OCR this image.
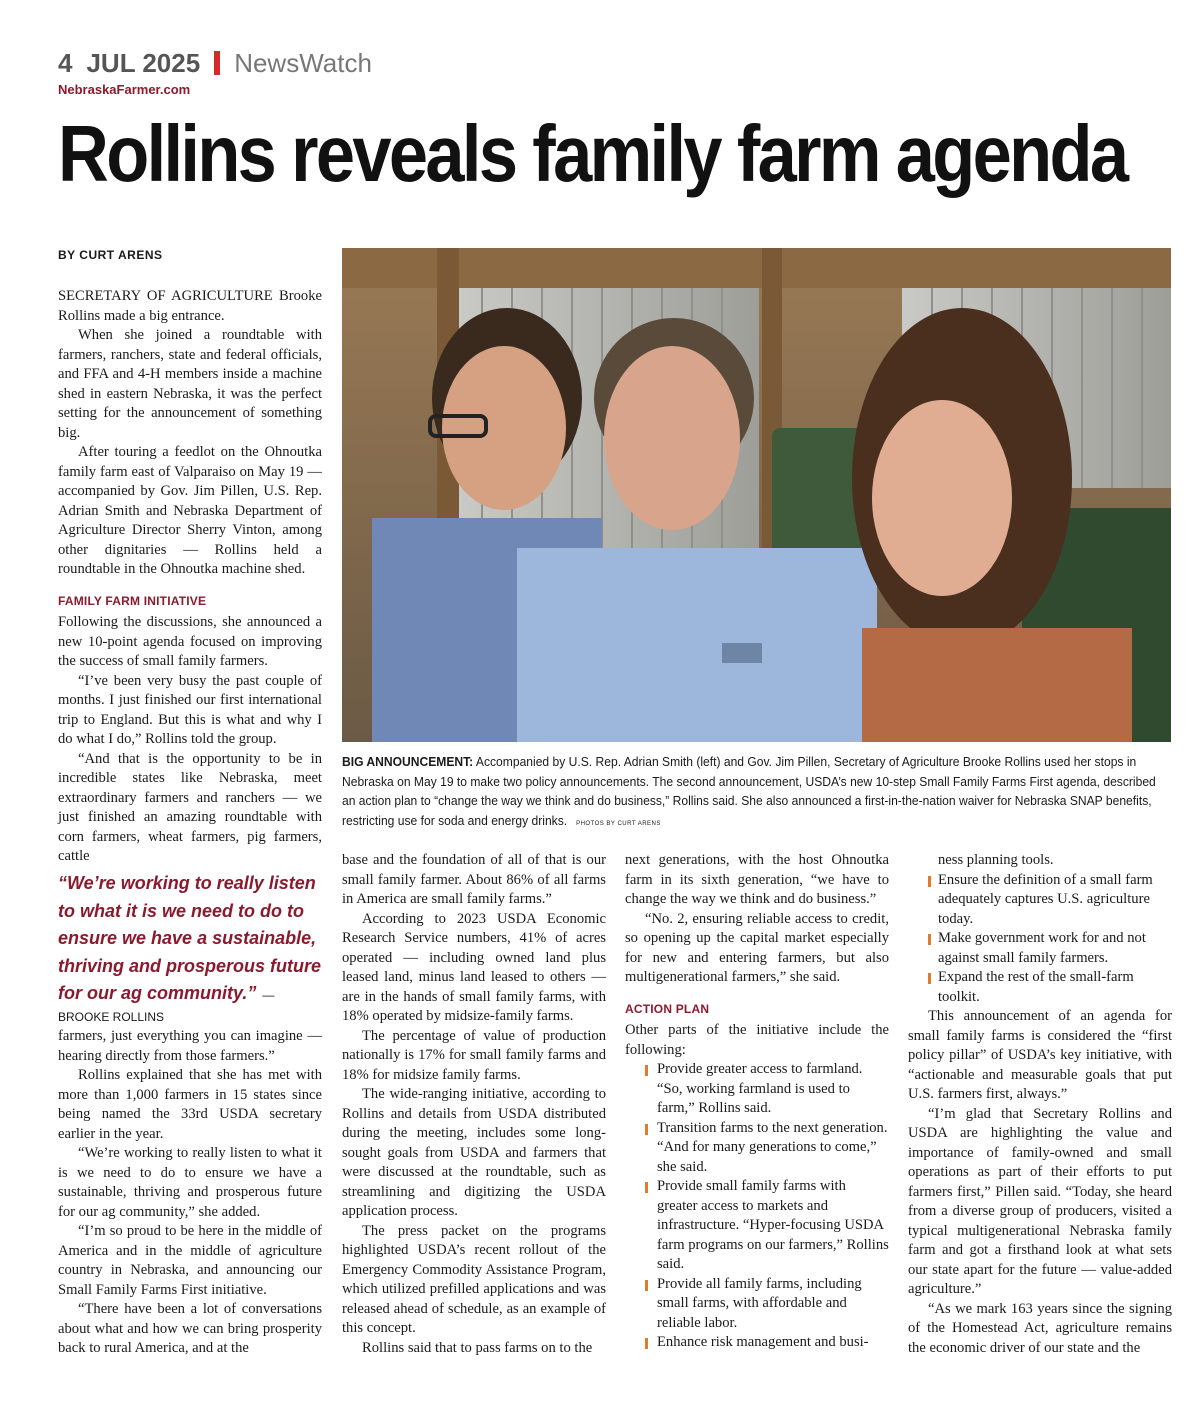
4 JUL 2025 NewsWatch
NebraskaFarmer.com
Rollins reveals family farm agenda
BY CURT ARENS

SECRETARY OF AGRICULTURE Brooke Rollins made a big entrance.

When she joined a roundtable with farmers, ranchers, state and federal officials, and FFA and 4-H members inside a machine shed in eastern Nebraska, it was the perfect setting for the announcement of something big.

After touring a feedlot on the Ohnoutka family farm east of Valparaiso on May 19 — accompanied by Gov. Jim Pillen, U.S. Rep. Adrian Smith and Nebraska Department of Agriculture Director Sherry Vinton, among other dignitaries — Rollins held a roundtable in the Ohnoutka machine shed.

FAMILY FARM INITIATIVE

Following the discussions, she announced a new 10-point agenda focused on improving the success of small family farmers.

“I’ve been very busy the past couple of months. I just finished our first international trip to England. But this is what and why I do what I do,” Rollins told the group.

“And that is the opportunity to be in incredible states like Nebraska, meet extraordinary farmers and ranchers — we just finished an amazing roundtable with corn farmers, wheat farmers, pig farmers, cattle

“We’re working to really listen to what it is we need to do to ensure we have a sustainable, thriving and prosperous future for our ag community.” — BROOKE ROLLINS

farmers, just everything you can imagine — hearing directly from those farmers.”

Rollins explained that she has met with more than 1,000 farmers in 15 states since being named the 33rd USDA secretary earlier in the year.

“We’re working to really listen to what it is we need to do to ensure we have a sustainable, thriving and prosperous future for our ag community,” she added.

“I’m so proud to be here in the middle of America and in the middle of agriculture country in Nebraska, and announcing our Small Family Farms First initiative.

“There have been a lot of conversations about what and how we can bring prosperity back to rural America, and at the

BIG ANNOUNCEMENT: Accompanied by U.S. Rep. Adrian Smith (left) and Gov. Jim Pillen, Secretary of Agriculture Brooke Rollins used her stops in Nebraska on May 19 to make two policy announcements. The second announcement, USDA’s new 10-step Small Family Farms First agenda, described an action plan to “change the way we think and do business,” Rollins said. She also announced a first-in-the-nation waiver for Nebraska SNAP benefits, restricting use for soda and energy drinks. PHOTOS BY CURT ARENS

base and the foundation of all of that is our small family farmer. About 86% of all farms in America are small family farms.”

According to 2023 USDA Economic Research Service numbers, 41% of acres operated — including owned land plus leased land, minus land leased to others — are in the hands of small family farms, with 18% operated by midsize-family farms.

The percentage of value of production nationally is 17% for small family farms and 18% for midsize family farms.

The wide-ranging initiative, according to Rollins and details from USDA distributed during the meeting, includes some long-sought goals from USDA and farmers that were discussed at the roundtable, such as streamlining and digitizing the USDA application process.

The press packet on the programs highlighted USDA’s recent rollout of the Emergency Commodity Assistance Program, which utilized prefilled applications and was released ahead of schedule, as an example of this concept.

Rollins said that to pass farms on to the

next generations, with the host Ohnoutka farm in its sixth generation, “we have to change the way we think and do business.”

“No. 2, ensuring reliable access to credit, so opening up the capital market especially for new and entering farmers, but also multigenerational farmers,” she said.

ACTION PLAN

Other parts of the initiative include the following:

Provide greater access to farmland. “So, working farmland is used to farm,” Rollins said.
Transition farms to the next generation. “And for many generations to come,” she said.
Provide small family farms with greater access to markets and infrastructure. “Hyper-focusing USDA farm programs on our farmers,” Rollins said.
Provide all family farms, including small farms, with affordable and reliable labor.
Enhance risk management and busi-

ness planning tools.

Ensure the definition of a small farm adequately captures U.S. agriculture today.
Make government work for and not against small family farmers.
Expand the rest of the small-farm toolkit.

This announcement of an agenda for small family farms is considered the “first policy pillar” of USDA’s key initiative, with “actionable and measurable goals that put U.S. farmers first, always.”

“I’m glad that Secretary Rollins and USDA are highlighting the value and importance of family-owned and small operations as part of their efforts to put farmers first,” Pillen said. “Today, she heard from a diverse group of producers, visited a typical multigenerational Nebraska family farm and got a firsthand look at what sets our state apart for the future — value-added agriculture.”

“As we mark 163 years since the signing of the Homestead Act, agriculture remains the economic driver of our state and the
